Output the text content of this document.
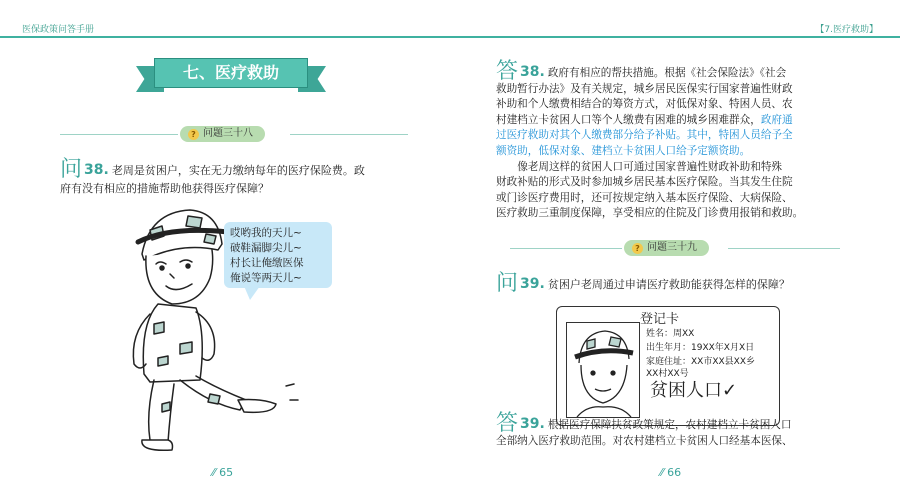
医保政策问答手册	【7.医疗救助】
七、医疗救助
? 问题三十八
问 38. 老周是贫困户，实在无力缴纳每年的医疗保险费。政
府有没有相应的措施帮助他获得医疗保障？
哎哟我的天儿~
破鞋漏脚尖儿~
村长让俺缴医保
俺说等两天儿~
⁄⁄ 65
答 38. 政府有相应的帮扶措施。根据《社会保险法》《社会
救助暂行办法》及有关规定，城乡居民医保实行国家普遍性财政
补助和个人缴费相结合的筹资方式，对低保对象、特困人员、农
村建档立卡贫困人口等个人缴费有困难的城乡困难群众，政府通
过医疗救助对其个人缴费部分给予补贴。其中，特困人员给予全
额资助，低保对象、建档立卡贫困人口给予定额资助。
像老周这样的贫困人口可通过国家普遍性财政补助和特殊
财政补贴的形式及时参加城乡居民基本医疗保险。当其发生住院
或门诊医疗费用时，还可按规定纳入基本医疗保险、大病保险、
医疗救助三重制度保障，享受相应的住院及门诊费用报销和救助。
? 问题三十九
问 39. 贫困户老周通过申请医疗救助能获得怎样的保障？
登记卡
姓名：周XX
出生年月：19XX年X月X日
家庭住址：XX市XX县XX乡
XX村XX号
贫困人口✓
答 39. 根据医疗保障扶贫政策规定，农村建档立卡贫困人口
全部纳入医疗救助范围。对农村建档立卡贫困人口经基本医保、
⁄⁄ 66
